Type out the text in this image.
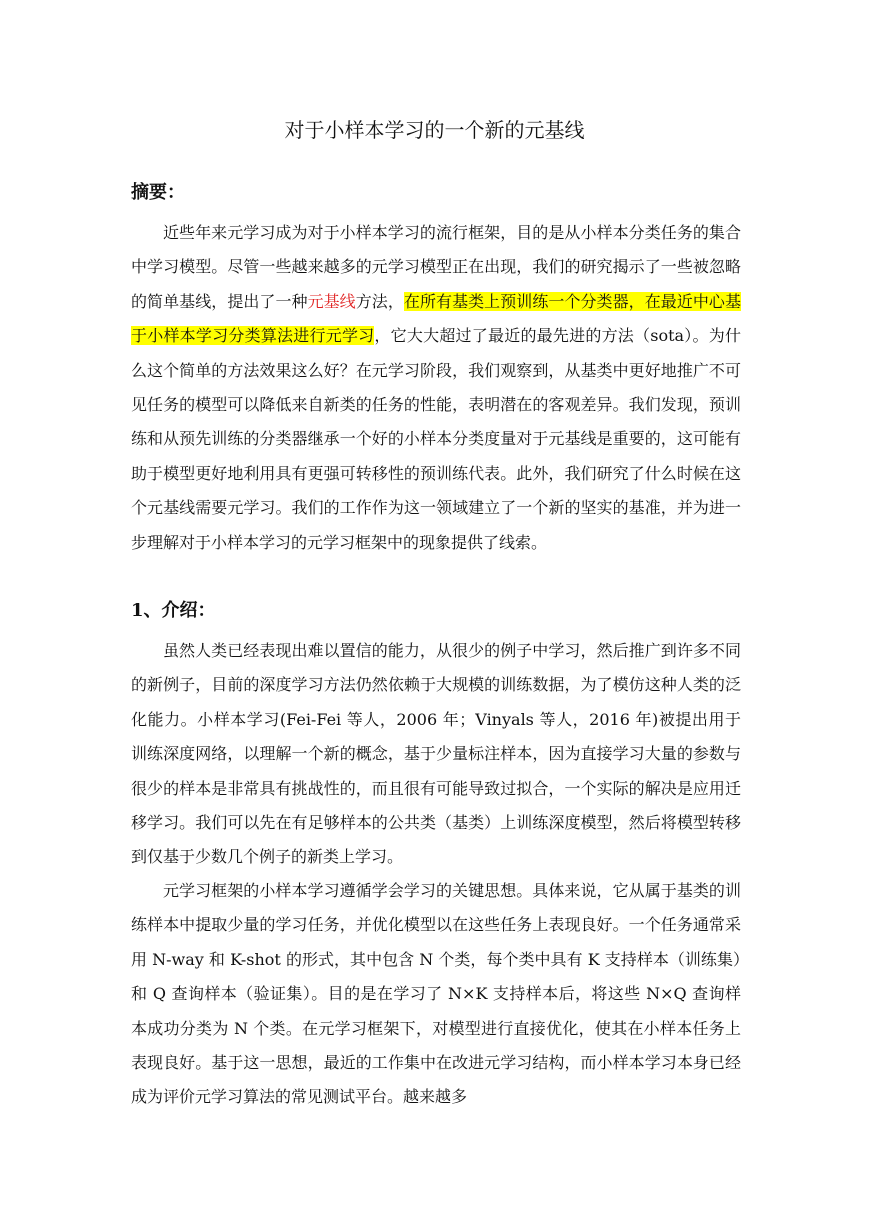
对于小样本学习的一个新的元基线
摘要：

近些年来元学习成为对于小样本学习的流行框架，目的是从小样本分类任务的集合中学习模型。尽管一些越来越多的元学习模型正在出现，我们的研究揭示了一些被忽略的简单基线，提出了一种元基线方法，在所有基类上预训练一个分类器，在最近中心基于小样本学习分类算法进行元学习，它大大超过了最近的最先进的方法（sota）。为什么这个简单的方法效果这么好？在元学习阶段，我们观察到，从基类中更好地推广不可见任务的模型可以降低来自新类的任务的性能，表明潜在的客观差异。我们发现，预训练和从预先训练的分类器继承一个好的小样本分类度量对于元基线是重要的，这可能有助于模型更好地利用具有更强可转移性的预训练代表。此外，我们研究了什么时候在这个元基线需要元学习。我们的工作作为这一领域建立了一个新的坚实的基准，并为进一步理解对于小样本学习的元学习框架中的现象提供了线索。

1、介绍：

虽然人类已经表现出难以置信的能力，从很少的例子中学习，然后推广到许多不同的新例子，目前的深度学习方法仍然依赖于大规模的训练数据，为了模仿这种人类的泛化能力。小样本学习(Fei-Fei 等人，2006 年；Vinyals 等人，2016 年)被提出用于训练深度网络，以理解一个新的概念，基于少量标注样本，因为直接学习大量的参数与很少的样本是非常具有挑战性的，而且很有可能导致过拟合，一个实际的解决是应用迁移学习。我们可以先在有足够样本的公共类（基类）上训练深度模型，然后将模型转移到仅基于少数几个例子的新类上学习。

元学习框架的小样本学习遵循学会学习的关键思想。具体来说，它从属于基类的训练样本中提取少量的学习任务，并优化模型以在这些任务上表现良好。一个任务通常采用 N-way 和 K-shot 的形式，其中包含 N 个类，每个类中具有 K 支持样本（训练集）和 Q 查询样本（验证集）。目的是在学习了 N×K 支持样本后，将这些 N×Q 查询样本成功分类为 N 个类。在元学习框架下，对模型进行直接优化，使其在小样本任务上表现良好。基于这一思想，最近的工作集中在改进元学习结构，而小样本学习本身已经成为评价元学习算法的常见测试平台。越来越多
